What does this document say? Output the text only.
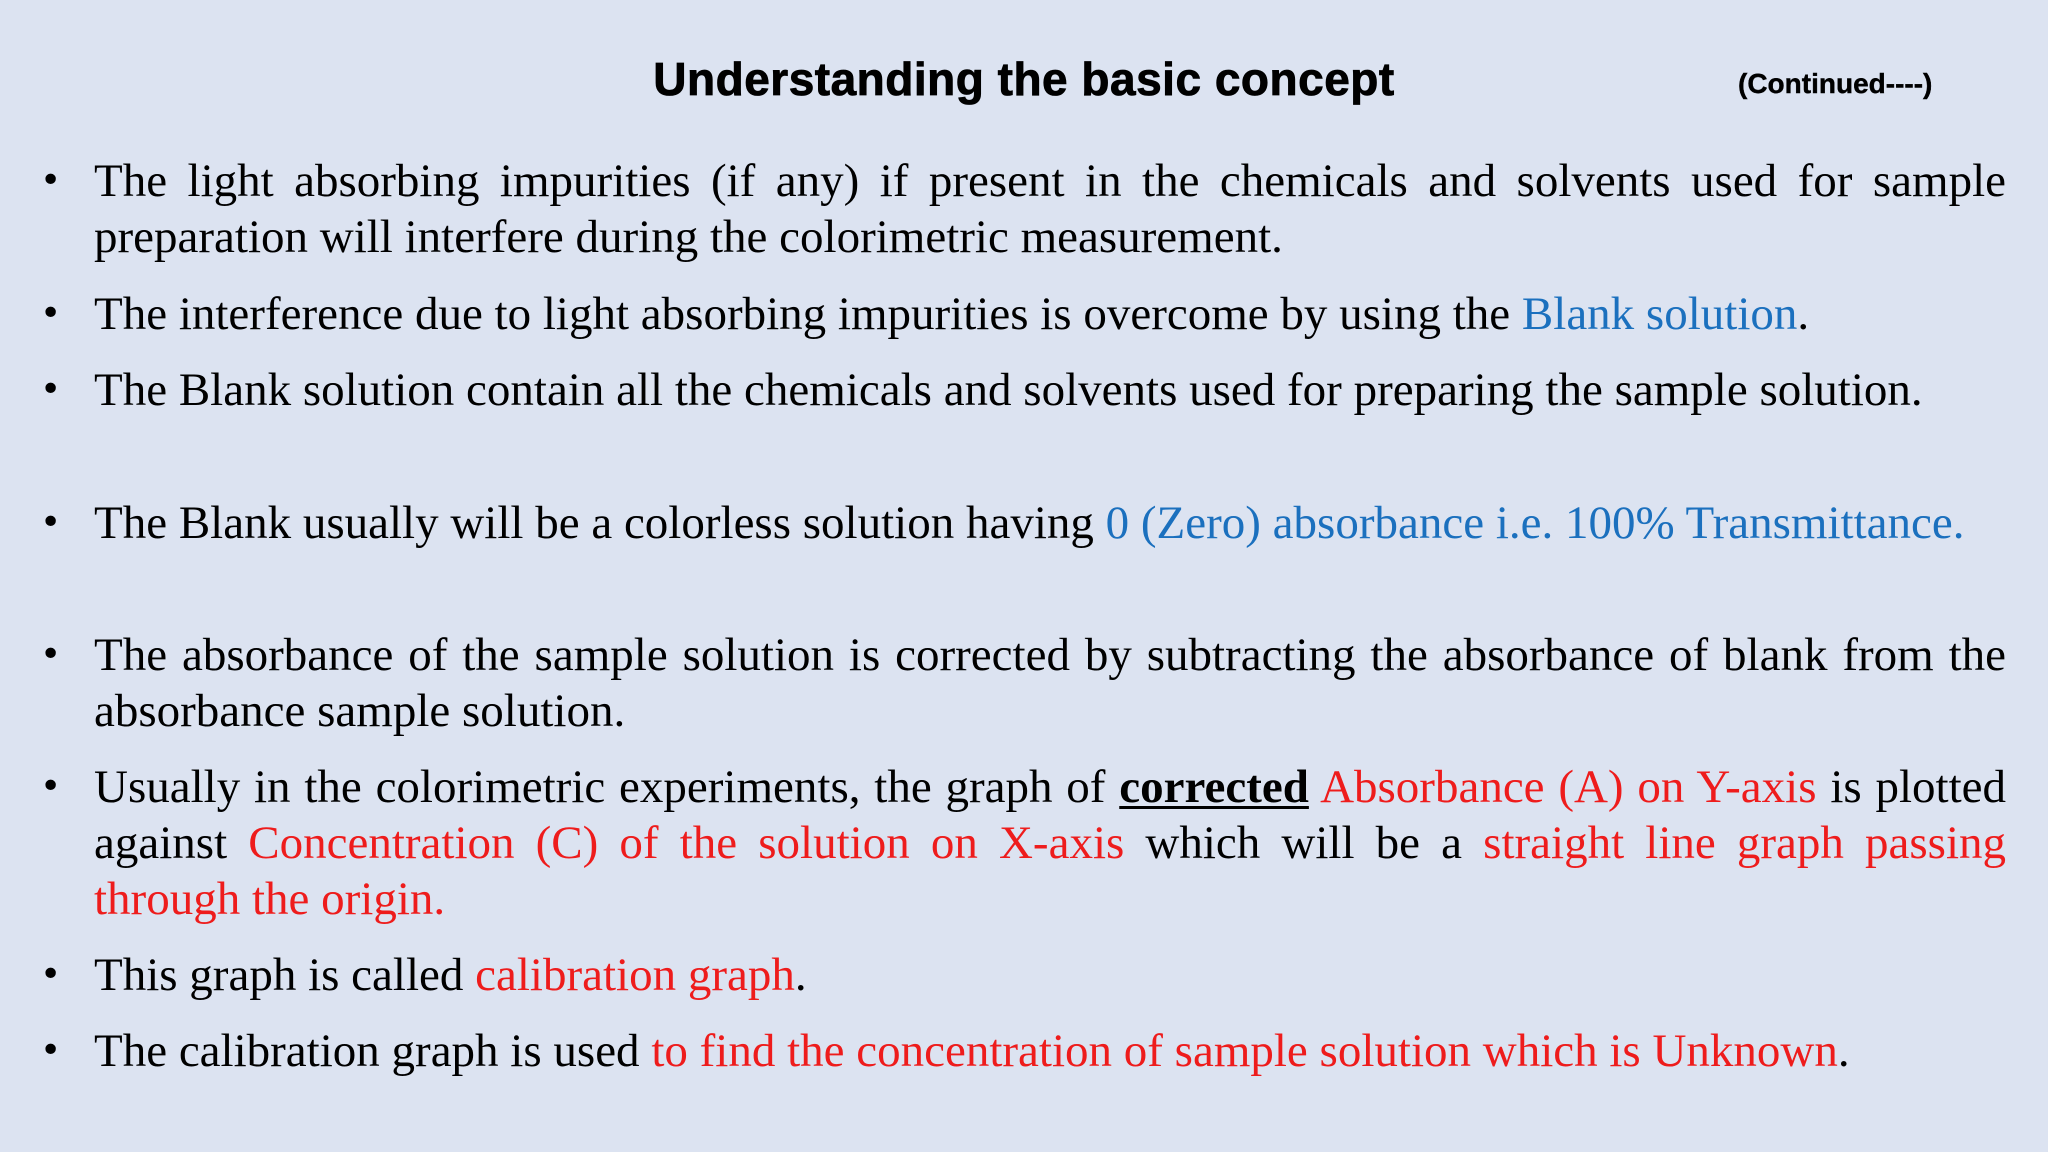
Understanding the basic concept	(Continued----)
• The light absorbing impurities (if any) if present in the chemicals and solvents used for sample preparation will interfere during the colorimetric measurement.
• The interference due to light absorbing impurities is overcome by using the Blank solution.
• The Blank solution contain all the chemicals and solvents used for preparing the sample solution.
• The Blank usually will be a colorless solution having 0 (Zero) absorbance i.e. 100% Transmittance.
• The absorbance of the sample solution is corrected by subtracting the absorbance of blank from the absorbance sample solution.
• Usually in the colorimetric experiments, the graph of corrected Absorbance (A) on Y-axis is plotted against Concentration (C) of the solution on X-axis which will be a straight line graph passing through the origin.
• This graph is called calibration graph.
• The calibration graph is used to find the concentration of sample solution which is Unknown.
